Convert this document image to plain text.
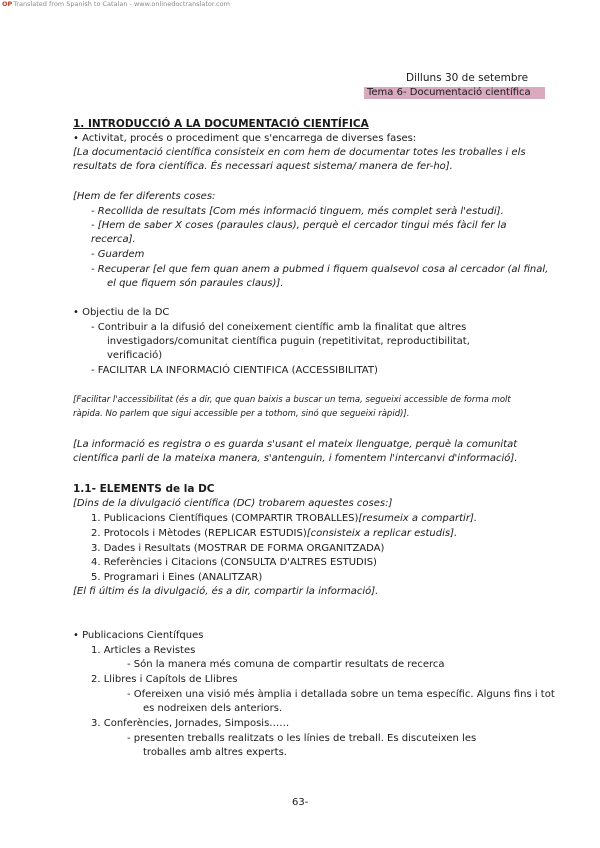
OPTranslated from Spanish to Catalan - www.onlinedoctranslator.com
Dilluns 30 de setembre
Tema 6- Documentació científica
1. INTRODUCCIÓ A LA DOCUMENTACIÓ CIENTÍFICA
• Activitat, procés o procediment que s'encarrega de diverses fases:
[La documentació científica consisteix en com hem de documentar totes les troballes i els
resultats de fora científica. És necessari aquest sistema/ manera de fer-ho].
[Hem de fer diferents coses:
- Recollida de resultats [Com més informació tinguem, més complet serà l'estudi].
- [Hem de saber X coses (paraules claus), perquè el cercador tingui més fàcil fer la
recerca].
- Guardem
- Recuperar [el que fem quan anem a pubmed i fiquem qualsevol cosa al cercador (al final,
el que fiquem són paraules claus)].
• Objectiu de la DC
- Contribuir a la difusió del coneixement científic amb la finalitat que altres
investigadors/comunitat científica puguin (repetitivitat, reproductibilitat,
verificació)
- FACILITAR LA INFORMACIÓ CIENTIFICA (ACCESSIBILITAT)
[Facilitar l'accessibilitat (és a dir, que quan baixis a buscar un tema, segueixi accessible de forma molt
ràpida. No parlem que sigui accessible per a tothom, sinó que segueixi ràpid)].
[La informació es registra o es guarda s'usant el mateix llenguatge, perquè la comunitat
científica parli de la mateixa manera, s'antenguin, i fomentem l'intercanvi d'informació].
1.1- ELEMENTS de la DC
[Dins de la divulgació científica (DC) trobarem aquestes coses:]
1. Publicacions Científiques (COMPARTIR TROBALLES)[resumeix a compartir].
2. Protocols i Mètodes (REPLICAR ESTUDIS)[consisteix a replicar estudis].
3. Dades i Resultats (MOSTRAR DE FORMA ORGANITZADA)
4. Referències i Citacions (CONSULTA D'ALTRES ESTUDIS)
5. Programari i Eines (ANALITZAR)
[El fi últim és la divulgació, és a dir, compartir la informació].
• Publicacions Científques
1. Articles a Revistes
- Són la manera més comuna de compartir resultats de recerca
2. Llibres i Capítols de Llibres
- Ofereixen una visió més àmplia i detallada sobre un tema específic. Alguns fins i tot
es nodreixen dels anteriors.
3. Conferències, Jornades, Simposis……
- presenten treballs realitzats o les línies de treball. Es discuteixen les
troballes amb altres experts.
63-
